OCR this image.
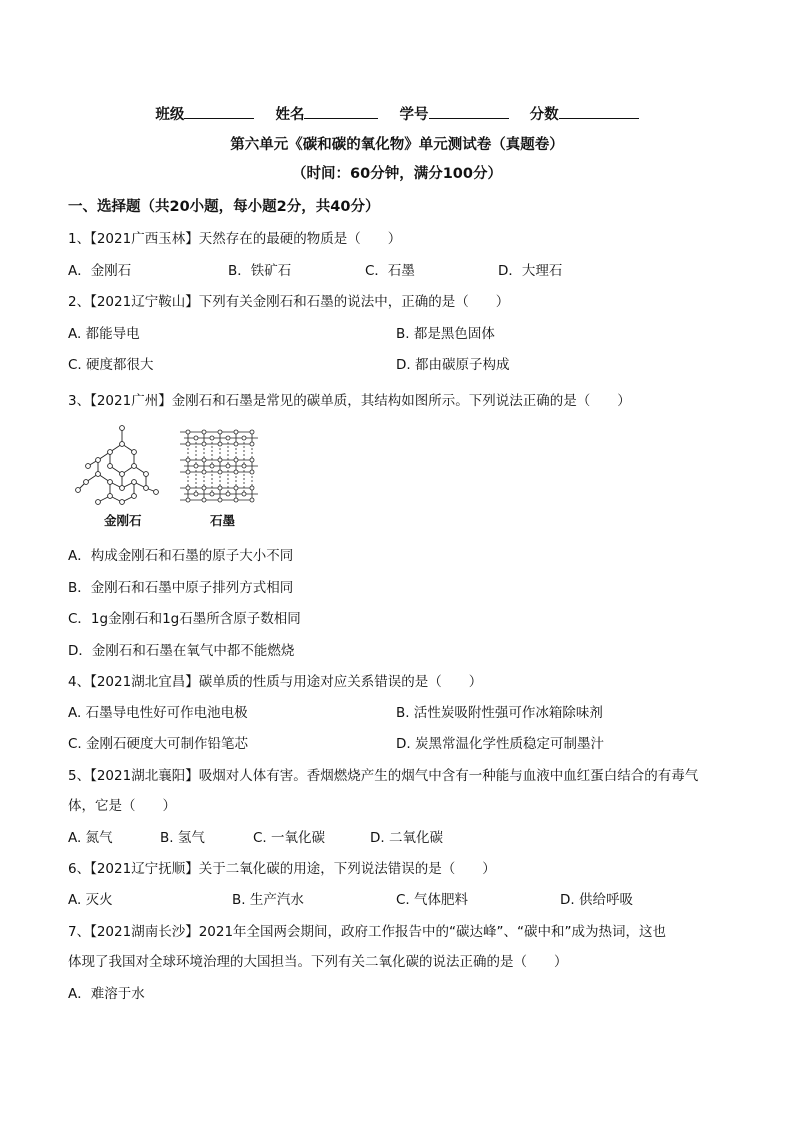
班级	姓名	学号	分数
第六单元《碳和碳的氧化物》单元测试卷（真题卷）
（时间：60分钟，满分100分）
一、选择题（共20小题，每小题2分，共40分）
1、【2021广西玉林】天然存在的最硬的物质是（　　）
A．金刚石	B．铁矿石	C．石墨	D．大理石
2、【2021辽宁鞍山】下列有关金刚石和石墨的说法中，正确的是（　　）
A. 都能导电	B. 都是黑色固体
C. 硬度都很大	D. 都由碳原子构成
3、【2021广州】金刚石和石墨是常见的碳单质，其结构如图所示。下列说法正确的是（　　）
金刚石	石墨
A．构成金刚石和石墨的原子大小不同
B．金刚石和石墨中原子排列方式相同
C．1g金刚石和1g石墨所含原子数相同
D．金刚石和石墨在氧气中都不能燃烧
4、【2021湖北宜昌】碳单质的性质与用途对应关系错误的是（　　）
A. 石墨导电性好可作电池电极	B. 活性炭吸附性强可作冰箱除味剂
C. 金刚石硬度大可制作铅笔芯	D. 炭黑常温化学性质稳定可制墨汁
5、【2021湖北襄阳】吸烟对人体有害。香烟燃烧产生的烟气中含有一种能与血液中血红蛋白结合的有毒气
体，它是（　　）
A. 氮气	B. 氢气	C. 一氧化碳	D. 二氧化碳
6、【2021辽宁抚顺】关于二氧化碳的用途，下列说法错误的是（　　）
A. 灭火	B. 生产汽水	C. 气体肥料	D. 供给呼吸
7、【2021湖南长沙】2021年全国两会期间，政府工作报告中的“碳达峰”、“碳中和”成为热词，这也
体现了我国对全球环境治理的大国担当。下列有关二氧化碳的说法正确的是（　　）
A．难溶于水
